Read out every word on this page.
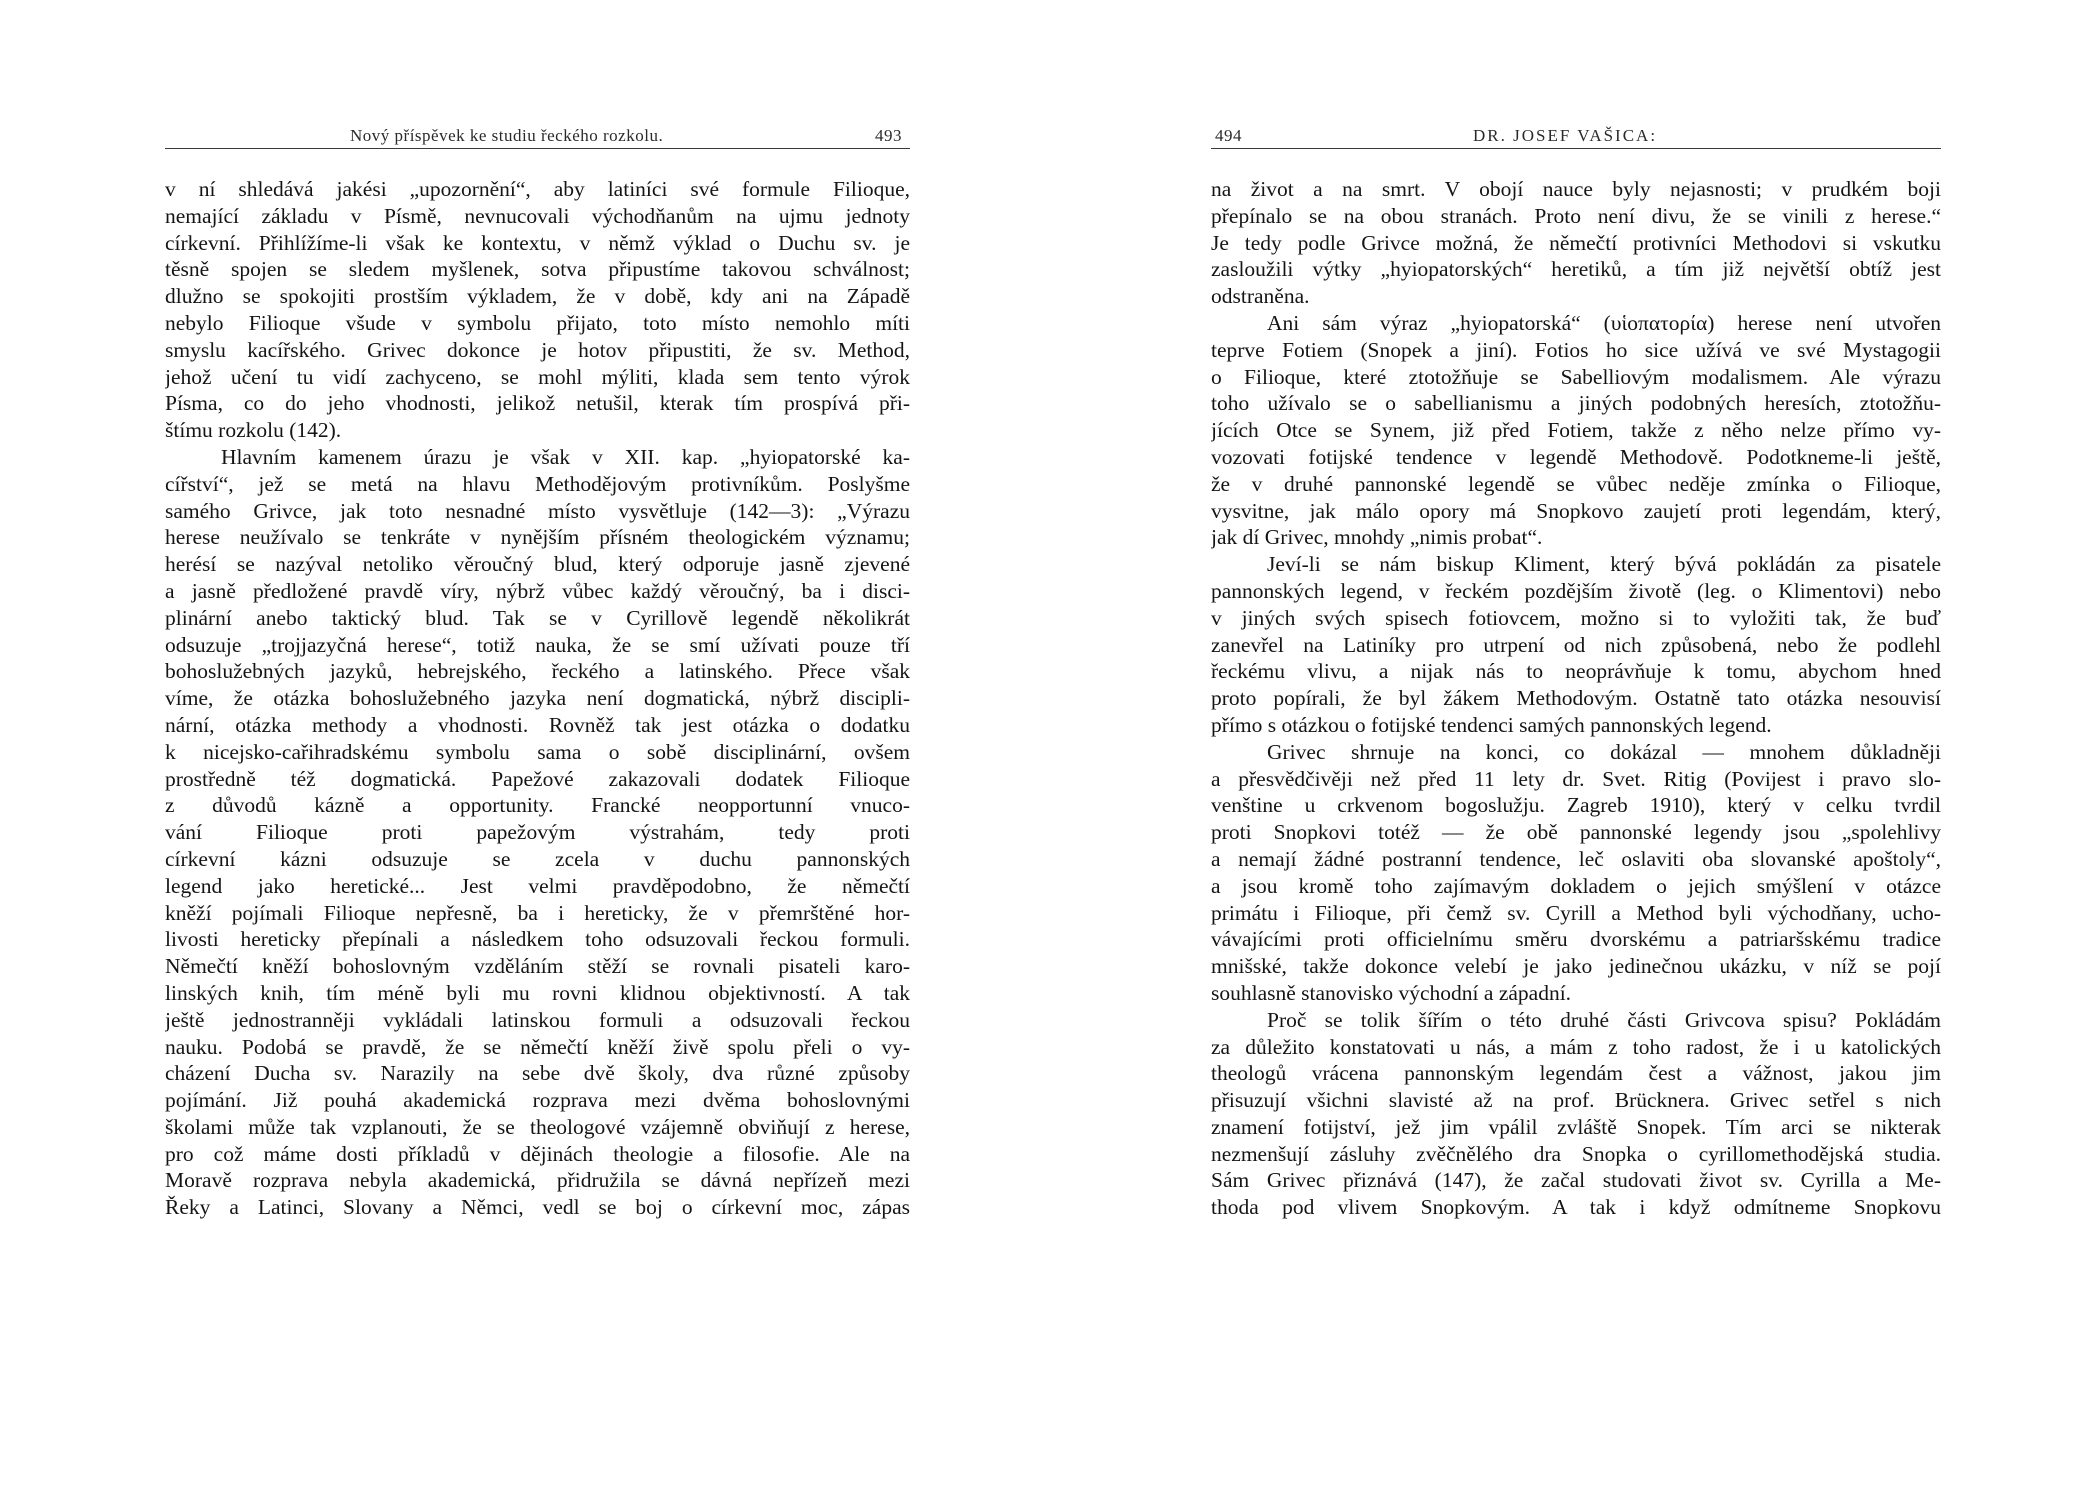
Nový příspěvek ke studiu řeckého rozkolu.	493
v ní shledává jakési „upozornění“, aby latiníci své formule Filioque,
nemající základu v Písmě, nevnucovali východňanům na ujmu jednoty
církevní. Přihlížíme-li však ke kontextu, v němž výklad o Duchu sv. je
těsně spojen se sledem myšlenek, sotva připustíme takovou schválnost;
dlužno se spokojiti prostším výkladem, že v době, kdy ani na Západě
nebylo Filioque všude v symbolu přijato, toto místo nemohlo míti
smyslu kacířského. Grivec dokonce je hotov připustiti, že sv. Method,
jehož učení tu vidí zachyceno, se mohl mýliti, klada sem tento výrok
Písma, co do jeho vhodnosti, jelikož netušil, kterak tím prospívá při-
štímu rozkolu (142).
Hlavním kamenem úrazu je však v XII. kap. „hyiopatorské ka-
cířství“, jež se metá na hlavu Methodějovým protivníkům. Poslyšme
samého Grivce, jak toto nesnadné místo vysvětluje (142—3): „Výrazu
herese neužívalo se tenkráte v nynějším přísném theologickém významu;
herésí se nazýval netoliko věroučný blud, který odporuje jasně zjevené
a jasně předložené pravdě víry, nýbrž vůbec každý věroučný, ba i disci-
plinární anebo taktický blud. Tak se v Cyrillově legendě několikrát
odsuzuje „trojjazyčná herese“, totiž nauka, že se smí užívati pouze tří
bohoslužebných jazyků, hebrejského, řeckého a latinského. Přece však
víme, že otázka bohoslužebného jazyka není dogmatická, nýbrž discipli-
nární, otázka methody a vhodnosti. Rovněž tak jest otázka o dodatku
k nicejsko-cařihradskému symbolu sama o sobě disciplinární, ovšem
prostředně též dogmatická. Papežové zakazovali dodatek Filioque
z důvodů kázně a opportunity. Francké neopportunní vnuco-
vání Filioque proti papežovým výstrahám, tedy proti
církevní kázni odsuzuje se zcela v duchu pannonských
legend jako heretické... Jest velmi pravděpodobno, že němečtí
kněží pojímali Filioque nepřesně, ba i hereticky, že v přemrštěné hor-
livosti hereticky přepínali a následkem toho odsuzovali řeckou formuli.
Němečtí kněží bohoslovným vzděláním stěží se rovnali pisateli karo-
linských knih, tím méně byli mu rovni klidnou objektivností. A tak
ještě jednostranněji vykládali latinskou formuli a odsuzovali řeckou
nauku. Podobá se pravdě, že se němečtí kněží živě spolu přeli o vy-
cházení Ducha sv. Narazily na sebe dvě školy, dva různé způsoby
pojímání. Již pouhá akademická rozprava mezi dvěma bohoslovnými
školami může tak vzplanouti, že se theologové vzájemně obviňují z herese,
pro což máme dosti příkladů v dějinách theologie a filosofie. Ale na
Moravě rozprava nebyla akademická, přidružila se dávná nepřízeň mezi
Řeky a Latinci, Slovany a Němci, vedl se boj o církevní moc, zápas
494	DR. JOSEF VAŠICA:
na život a na smrt. V obojí nauce byly nejasnosti; v prudkém boji
přepínalo se na obou stranách. Proto není divu, že se vinili z herese.“
Je tedy podle Grivce možná, že němečtí protivníci Methodovi si vskutku
zasloužili výtky „hyiopatorských“ heretiků, a tím již největší obtíž jest
odstraněna.
Ani sám výraz „hyiopatorská“ (υἱοπατορία) herese není utvořen
teprve Fotiem (Snopek a jiní). Fotios ho sice užívá ve své Mystagogii
o Filioque, které ztotožňuje se Sabelliovým modalismem. Ale výrazu
toho užívalo se o sabellianismu a jiných podobných heresích, ztotožňu-
jících Otce se Synem, již před Fotiem, takže z něho nelze přímo vy-
vozovati fotijské tendence v legendě Methodově. Podotkneme-li ještě,
že v druhé pannonské legendě se vůbec neděje zmínka o Filioque,
vysvitne, jak málo opory má Snopkovo zaujetí proti legendám, který,
jak dí Grivec, mnohdy „nimis probat“.
Jeví-li se nám biskup Kliment, který bývá pokládán za pisatele
pannonských legend, v řeckém pozdějším životě (leg. o Klimentovi) nebo
v jiných svých spisech fotiovcem, možno si to vyložiti tak, že buď
zanevřel na Latiníky pro utrpení od nich způsobená, nebo že podlehl
řeckému vlivu, a nijak nás to neoprávňuje k tomu, abychom hned
proto popírali, že byl žákem Methodovým. Ostatně tato otázka nesouvisí
přímo s otázkou o fotijské tendenci samých pannonských legend.
Grivec shrnuje na konci, co dokázal — mnohem důkladněji
a přesvědčivěji než před 11 lety dr. Svet. Ritig (Povijest i pravo slo-
venštine u crkvenom bogoslužju. Zagreb 1910), který v celku tvrdil
proti Snopkovi totéž — že obě pannonské legendy jsou „spolehlivy
a nemají žádné postranní tendence, leč oslaviti oba slovanské apoštoly“,
a jsou kromě toho zajímavým dokladem o jejich smýšlení v otázce
primátu i Filioque, při čemž sv. Cyrill a Method byli východňany, ucho-
vávajícími proti officielnímu směru dvorskému a patriaršskému tradice
mnišské, takže dokonce velebí je jako jedinečnou ukázku, v níž se pojí
souhlasně stanovisko východní a západní.
Proč se tolik šířím o této druhé části Grivcova spisu? Pokládám
za důležito konstatovati u nás, a mám z toho radost, že i u katolických
theologů vrácena pannonským legendám čest a vážnost, jakou jim
přisuzují všichni slavisté až na prof. Brücknera. Grivec setřel s nich
znamení fotijství, jež jim vpálil zvláště Snopek. Tím arci se nikterak
nezmenšují zásluhy zvěčnělého dra Snopka o cyrillomethodějská studia.
Sám Grivec přiznává (147), že začal studovati život sv. Cyrilla a Me-
thoda pod vlivem Snopkovým. A tak i když odmítneme Snopkovu
